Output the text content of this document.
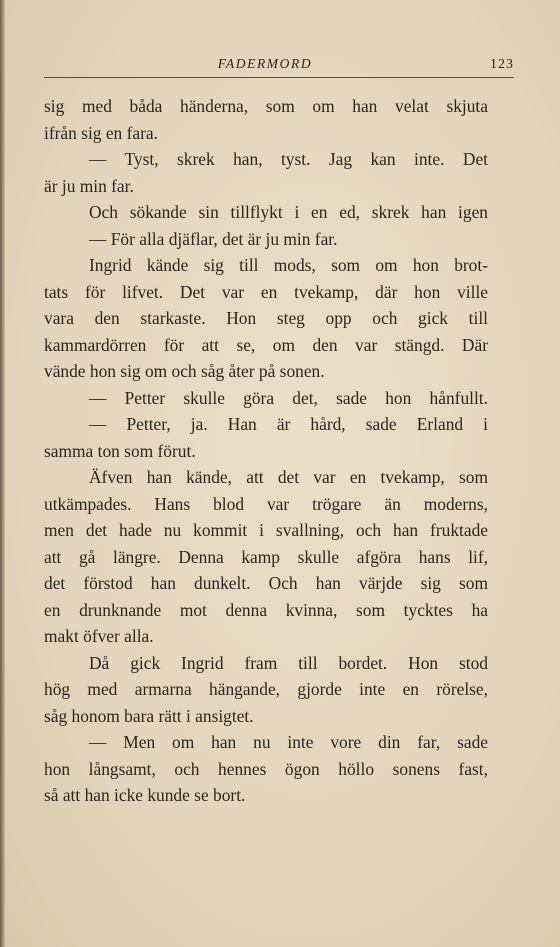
FADERMORD	123
sig med båda händerna, som om han velat skjuta
ifrån sig en fara.
— Tyst, skrek han, tyst. Jag kan inte. Det
är ju min far.
Och sökande sin tillflykt i en ed, skrek han igen
— För alla djäflar, det är ju min far.
Ingrid kände sig till mods, som om hon brot-
tats för lifvet. Det var en tvekamp, där hon ville
vara den starkaste. Hon steg opp och gick till
kammardörren för att se, om den var stängd. Där
vände hon sig om och såg åter på sonen.
— Petter skulle göra det, sade hon hånfullt.
— Petter, ja. Han är hård, sade Erland i
samma ton som förut.
Äfven han kände, att det var en tvekamp, som
utkämpades. Hans blod var trögare än moderns,
men det hade nu kommit i svallning, och han fruktade
att gå längre. Denna kamp skulle afgöra hans lif,
det förstod han dunkelt. Och han värjde sig som
en drunknande mot denna kvinna, som tycktes ha
makt öfver alla.
Då gick Ingrid fram till bordet. Hon stod
hög med armarna hängande, gjorde inte en rörelse,
såg honom bara rätt i ansigtet.
— Men om han nu inte vore din far, sade
hon långsamt, och hennes ögon höllo sonens fast,
så att han icke kunde se bort.
